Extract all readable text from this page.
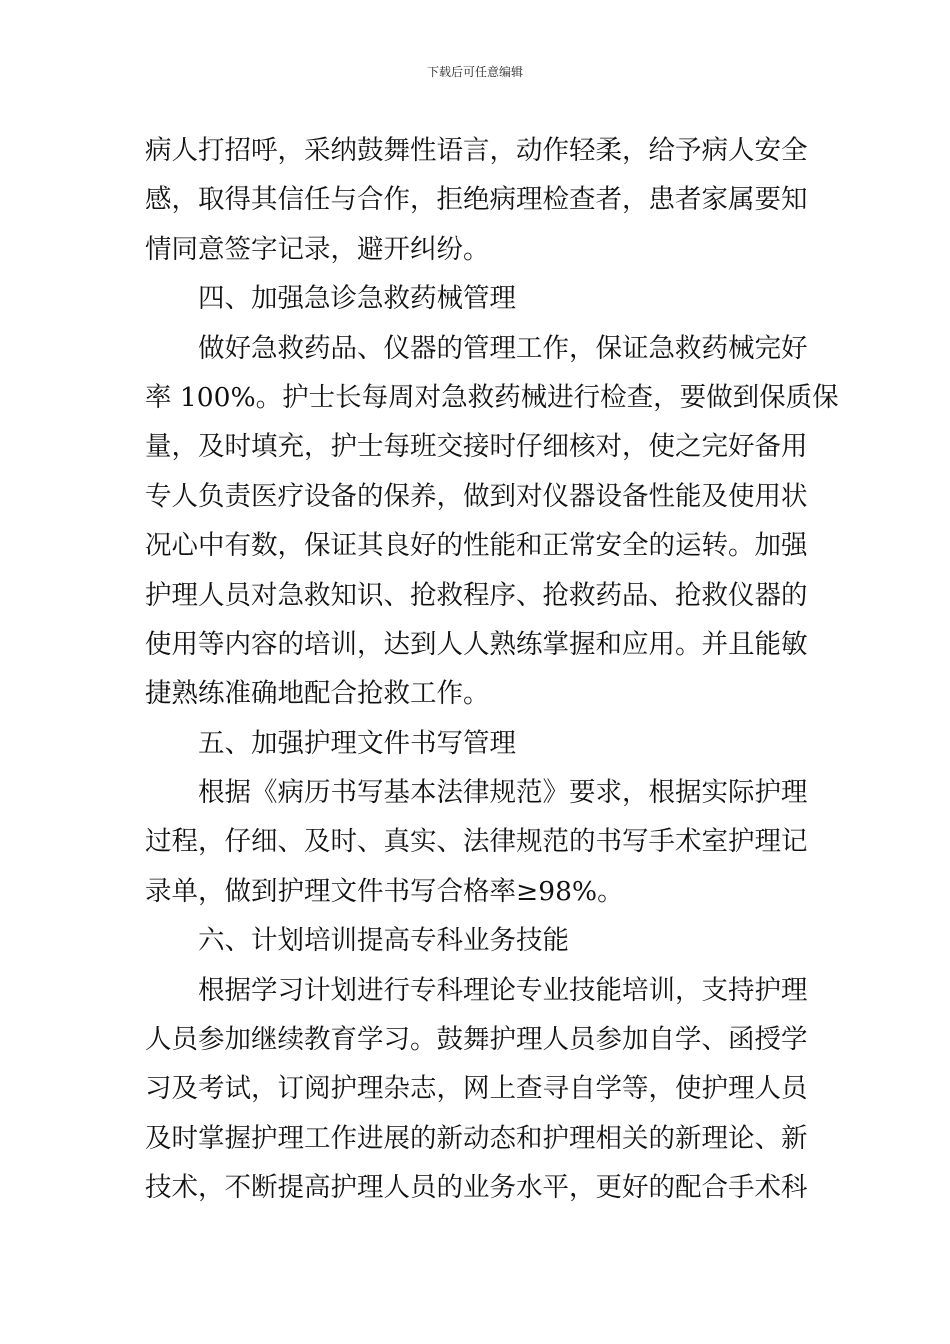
下载后可任意编辑
病人打招呼，采纳鼓舞性语言，动作轻柔，给予病人安全
感，取得其信任与合作，拒绝病理检查者，患者家属要知
情同意签字记录，避开纠纷。
四、加强急诊急救药械管理
做好急救药品、仪器的管理工作，保证急救药械完好
率 100%。护士长每周对急救药械进行检查，要做到保质保
量，及时填充，护士每班交接时仔细核对，使之完好备用
专人负责医疗设备的保养，做到对仪器设备性能及使用状
况心中有数，保证其良好的性能和正常安全的运转。加强
护理人员对急救知识、抢救程序、抢救药品、抢救仪器的
使用等内容的培训，达到人人熟练掌握和应用。并且能敏
捷熟练准确地配合抢救工作。
五、加强护理文件书写管理
根据《病历书写基本法律规范》要求，根据实际护理
过程，仔细、及时、真实、法律规范的书写手术室护理记
录单，做到护理文件书写合格率≥98%。
六、计划培训提高专科业务技能
根据学习计划进行专科理论专业技能培训，支持护理
人员参加继续教育学习。鼓舞护理人员参加自学、函授学
习及考试，订阅护理杂志，网上查寻自学等，使护理人员
及时掌握护理工作进展的新动态和护理相关的新理论、新
技术，不断提高护理人员的业务水平，更好的配合手术科
